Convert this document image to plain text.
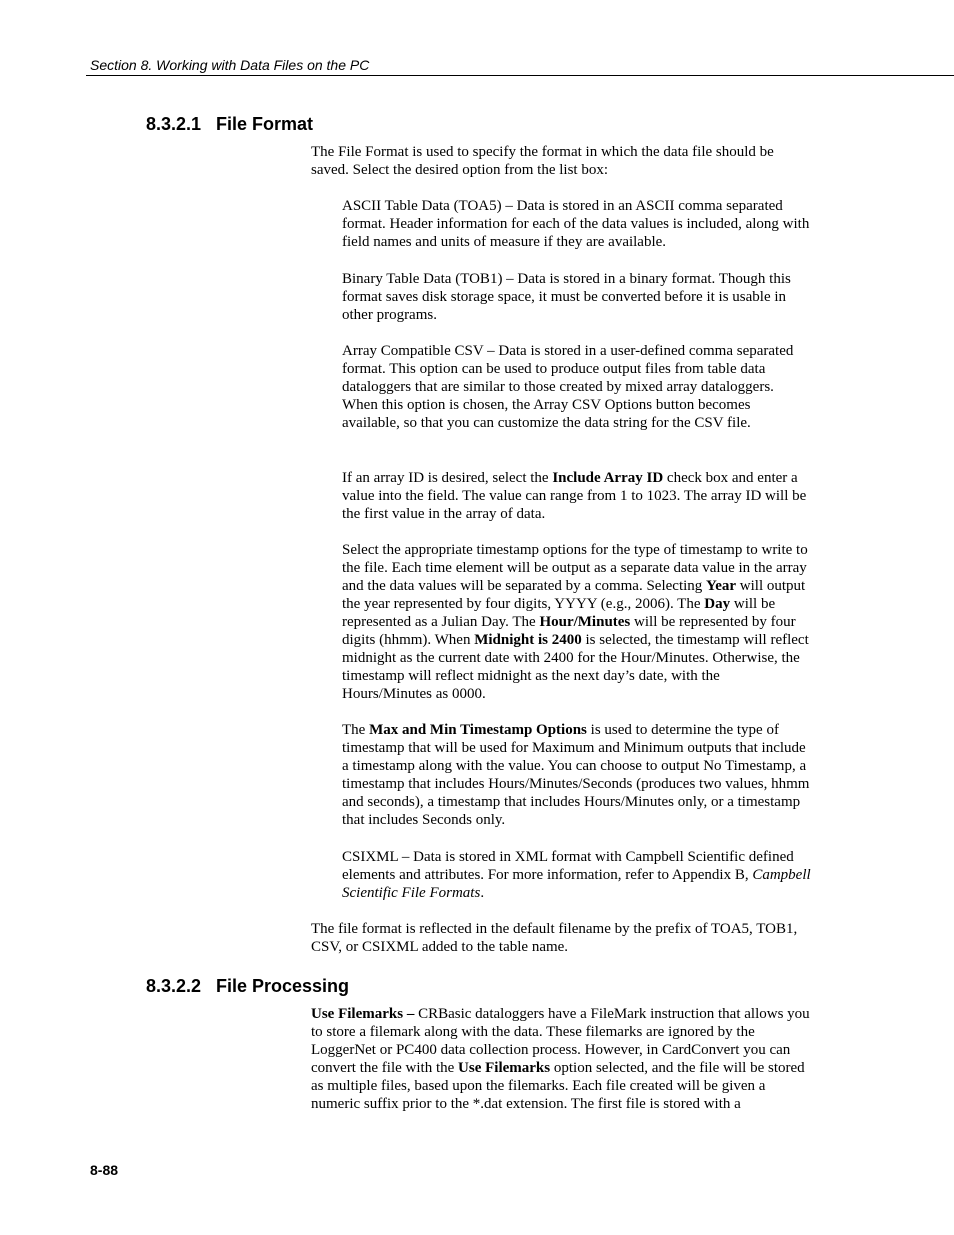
Section 8. Working with Data Files on the PC
8.3.2.1 File Format

The File Format is used to specify the format in which the data file should be saved. Select the desired option from the list box:

ASCII Table Data (TOA5) – Data is stored in an ASCII comma separated format. Header information for each of the data values is included, along with field names and units of measure if they are available.

Binary Table Data (TOB1) – Data is stored in a binary format. Though this format saves disk storage space, it must be converted before it is usable in other programs.

Array Compatible CSV – Data is stored in a user-defined comma separated format. This option can be used to produce output files from table data dataloggers that are similar to those created by mixed array dataloggers. When this option is chosen, the Array CSV Options button becomes available, so that you can customize the data string for the CSV file.

If an array ID is desired, select the Include Array ID check box and enter a value into the field. The value can range from 1 to 1023. The array ID will be the first value in the array of data.

Select the appropriate timestamp options for the type of timestamp to write to the file. Each time element will be output as a separate data value in the array and the data values will be separated by a comma. Selecting Year will output the year represented by four digits, YYYY (e.g., 2006). The Day will be represented as a Julian Day. The Hour/Minutes will be represented by four digits (hhmm). When Midnight is 2400 is selected, the timestamp will reflect midnight as the current date with 2400 for the Hour/Minutes. Otherwise, the timestamp will reflect midnight as the next day’s date, with the Hours/Minutes as 0000.

The Max and Min Timestamp Options is used to determine the type of timestamp that will be used for Maximum and Minimum outputs that include a timestamp along with the value. You can choose to output No Timestamp, a timestamp that includes Hours/Minutes/Seconds (produces two values, hhmm and seconds), a timestamp that includes Hours/Minutes only, or a timestamp that includes Seconds only.

CSIXML – Data is stored in XML format with Campbell Scientific defined elements and attributes. For more information, refer to Appendix B, Campbell Scientific File Formats.

The file format is reflected in the default filename by the prefix of TOA5, TOB1, CSV, or CSIXML added to the table name.

8.3.2.2 File Processing

Use Filemarks – CRBasic dataloggers have a FileMark instruction that allows you to store a filemark along with the data. These filemarks are ignored by the LoggerNet or PC400 data collection process. However, in CardConvert you can convert the file with the Use Filemarks option selected, and the file will be stored as multiple files, based upon the filemarks. Each file created will be given a numeric suffix prior to the *.dat extension. The first file is stored with a

8-88
